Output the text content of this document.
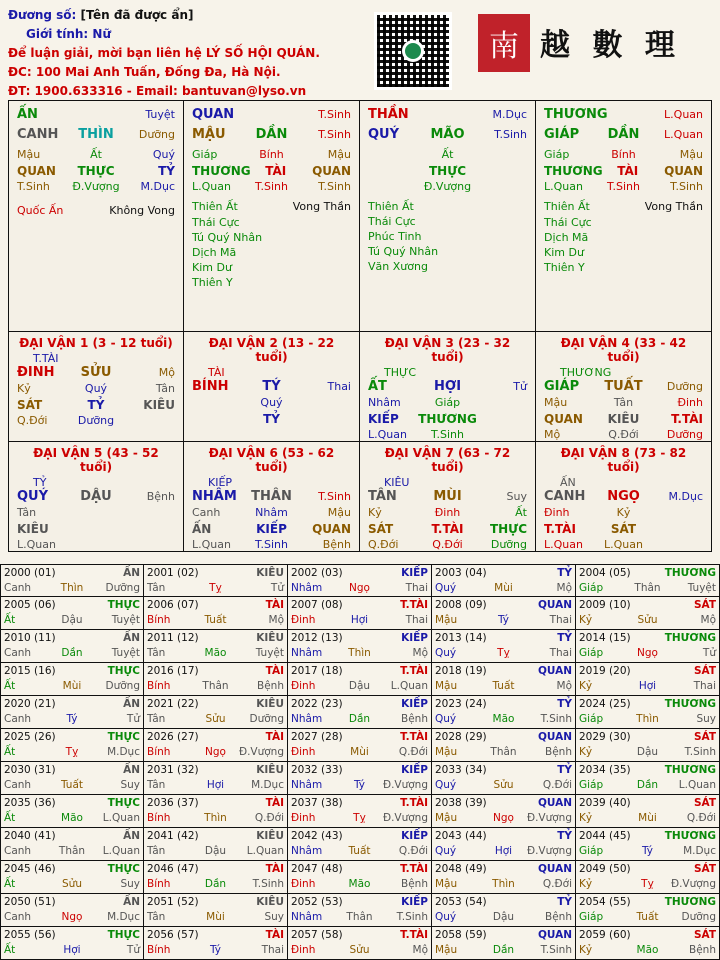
Đương số: [Tên đã được ẩn]
Giới tính: Nữ
Để luận giải, mời bạn liên hệ LÝ SỐ HỘI QUÁN.
ĐC: 100 Mai Anh Tuấn, Đống Đa, Hà Nội.
ĐT: 1900.633316 - Email: bantuvan@lyso.vn
南 越 數 理
ẤN	Tuyệt
CANH	THÌN	Dưỡng
Mậu	Ất	Quý
QUAN	THỰC	TỶ
T.Sinh	Đ.Vượng	M.Dục
Quốc Ấn	Không Vong
QUAN	T.Sinh
MẬU	DẦN	T.Sinh
Giáp	Bính	Mậu
THƯƠNG	TÀI	QUAN
L.Quan	T.Sinh	T.Sinh
Thiên Ất	Vong Thần
Thái Cực
Tú Quý Nhân
Dịch Mã
Kim Dư
Thiên Y
THẦN	M.Dục
QUÝ	MÃO	T.Sinh
Ất
THỰC
Đ.Vượng
Thiên Ất
Thái Cực
Phúc Tinh
Tú Quý Nhân
Văn Xương
THƯƠNG	L.Quan
GIÁP	DẦN	L.Quan
Giáp	Bính	Mậu
THƯƠNG	TÀI	QUAN
L.Quan	T.Sinh	T.Sinh
Thiên Ất	Vong Thần
Thái Cực
Dịch Mã
Kim Dư
Thiên Y
ĐẠI VẬN 1 (3 - 12 tuổi)
T.TÀI
ĐINH	SỬU	Mộ
Kỷ	Quý	Tân
SÁT	TỶ	KIÊU
Q.Đới	Dưỡng
ĐẠI VẬN 2 (13 - 22 tuổi)
TÀI
BÍNH	TÝ	Thai
Quý
TỶ
ĐẠI VẬN 3 (23 - 32 tuổi)
THỰC
ẤT	HỢI	Tử
Nhâm	Giáp
KIẾP	THƯƠNG
L.Quan	T.Sinh
ĐẠI VẬN 4 (33 - 42 tuổi)
THƯƠNG
GIÁP	TUẤT	Dưỡng
Mậu	Tân	Đinh
QUAN	KIÊU	T.TÀI
Mộ	Q.Đới	Dưỡng
ĐẠI VẬN 5 (43 - 52 tuổi)
TỶ
QUÝ	DẬU	Bệnh
Tân
KIÊU
L.Quan
ĐẠI VẬN 6 (53 - 62 tuổi)
KIẾP
NHÂM	THÂN	T.Sinh
Canh	Nhâm	Mậu
ẤN	KIẾP	QUAN
L.Quan	T.Sinh	Bệnh
ĐẠI VẬN 7 (63 - 72 tuổi)
KIÊU
TÂN	MÙI	Suy
Kỷ	Đinh	Ất
SÁT	T.TÀI	THỰC
Q.Đới	Q.Đới	Dưỡng
ĐẠI VẬN 8 (73 - 82 tuổi)
ẤN
CANH	NGỌ	M.Dục
Đinh	Kỷ
T.TÀI	SÁT
L.Quan	L.Quan
2000 (01)	ẤN
Canh	Thìn	Dưỡng
2001 (02)	KIÊU
Tân	Tỵ	Tử
2002 (03)	KIẾP
Nhâm	Ngọ	Thai
2003 (04)	TỶ
Quý	Mùi	Mộ
2004 (05)	THƯƠNG
Giáp	Thân	Tuyệt
2005 (06)	THỰC
Ất	Dậu	Tuyệt
2006 (07)	TÀI
Bính	Tuất	Mộ
2007 (08)	T.TÀI
Đinh	Hợi	Thai
2008 (09)	QUAN
Mậu	Tý	Thai
2009 (10)	SÁT
Kỷ	Sửu	Mộ
2010 (11)	ẤN
Canh	Dần	Tuyệt
2011 (12)	KIÊU
Tân	Mão	Tuyệt
2012 (13)	KIẾP
Nhâm	Thìn	Mộ
2013 (14)	TỶ
Quý	Tỵ	Thai
2014 (15)	THƯƠNG
Giáp	Ngọ	Tử
2015 (16)	THỰC
Ất	Mùi	Dưỡng
2016 (17)	TÀI
Bính	Thân	Bệnh
2017 (18)	T.TÀI
Đinh	Dậu	L.Quan
2018 (19)	QUAN
Mậu	Tuất	Mộ
2019 (20)	SÁT
Kỷ	Hợi	Thai
2020 (21)	ẤN
Canh	Tý	Tử
2021 (22)	KIÊU
Tân	Sửu	Dưỡng
2022 (23)	KIẾP
Nhâm	Dần	Bệnh
2023 (24)	TỶ
Quý	Mão	T.Sinh
2024 (25)	THƯƠNG
Giáp	Thìn	Suy
2025 (26)	THỰC
Ất	Tỵ	M.Dục
2026 (27)	TÀI
Bính	Ngọ	Đ.Vượng
2027 (28)	T.TÀI
Đinh	Mùi	Q.Đới
2028 (29)	QUAN
Mậu	Thân	Bệnh
2029 (30)	SÁT
Kỷ	Dậu	T.Sinh
2030 (31)	ẤN
Canh	Tuất	Suy
2031 (32)	KIÊU
Tân	Hợi	M.Dục
2032 (33)	KIẾP
Nhâm	Tý	Đ.Vượng
2033 (34)	TỶ
Quý	Sửu	Q.Đới
2034 (35)	THƯƠNG
Giáp	Dần	L.Quan
2035 (36)	THỰC
Ất	Mão	L.Quan
2036 (37)	TÀI
Bính	Thìn	Q.Đới
2037 (38)	T.TÀI
Đinh	Tỵ	Đ.Vượng
2038 (39)	QUAN
Mậu	Ngọ	Đ.Vượng
2039 (40)	SÁT
Kỷ	Mùi	Q.Đới
2040 (41)	ẤN
Canh	Thân	L.Quan
2041 (42)	KIÊU
Tân	Dậu	L.Quan
2042 (43)	KIẾP
Nhâm	Tuất	Q.Đới
2043 (44)	TỶ
Quý	Hợi	Đ.Vượng
2044 (45)	THƯƠNG
Giáp	Tý	M.Dục
2045 (46)	THỰC
Ất	Sửu	Suy
2046 (47)	TÀI
Bính	Dần	T.Sinh
2047 (48)	T.TÀI
Đinh	Mão	Bệnh
2048 (49)	QUAN
Mậu	Thìn	Q.Đới
2049 (50)	SÁT
Kỷ	Tỵ	Đ.Vượng
2050 (51)	ẤN
Canh	Ngọ	M.Dục
2051 (52)	KIÊU
Tân	Mùi	Suy
2052 (53)	KIẾP
Nhâm	Thân	T.Sinh
2053 (54)	TỶ
Quý	Dậu	Bệnh
2054 (55)	THƯƠNG
Giáp	Tuất	Dưỡng
2055 (56)	THỰC
Ất	Hợi	Tử
2056 (57)	TÀI
Bính	Tý	Thai
2057 (58)	T.TÀI
Đinh	Sửu	Mộ
2058 (59)	QUAN
Mậu	Dần	T.Sinh
2059 (60)	SÁT
Kỷ	Mão	Bệnh
